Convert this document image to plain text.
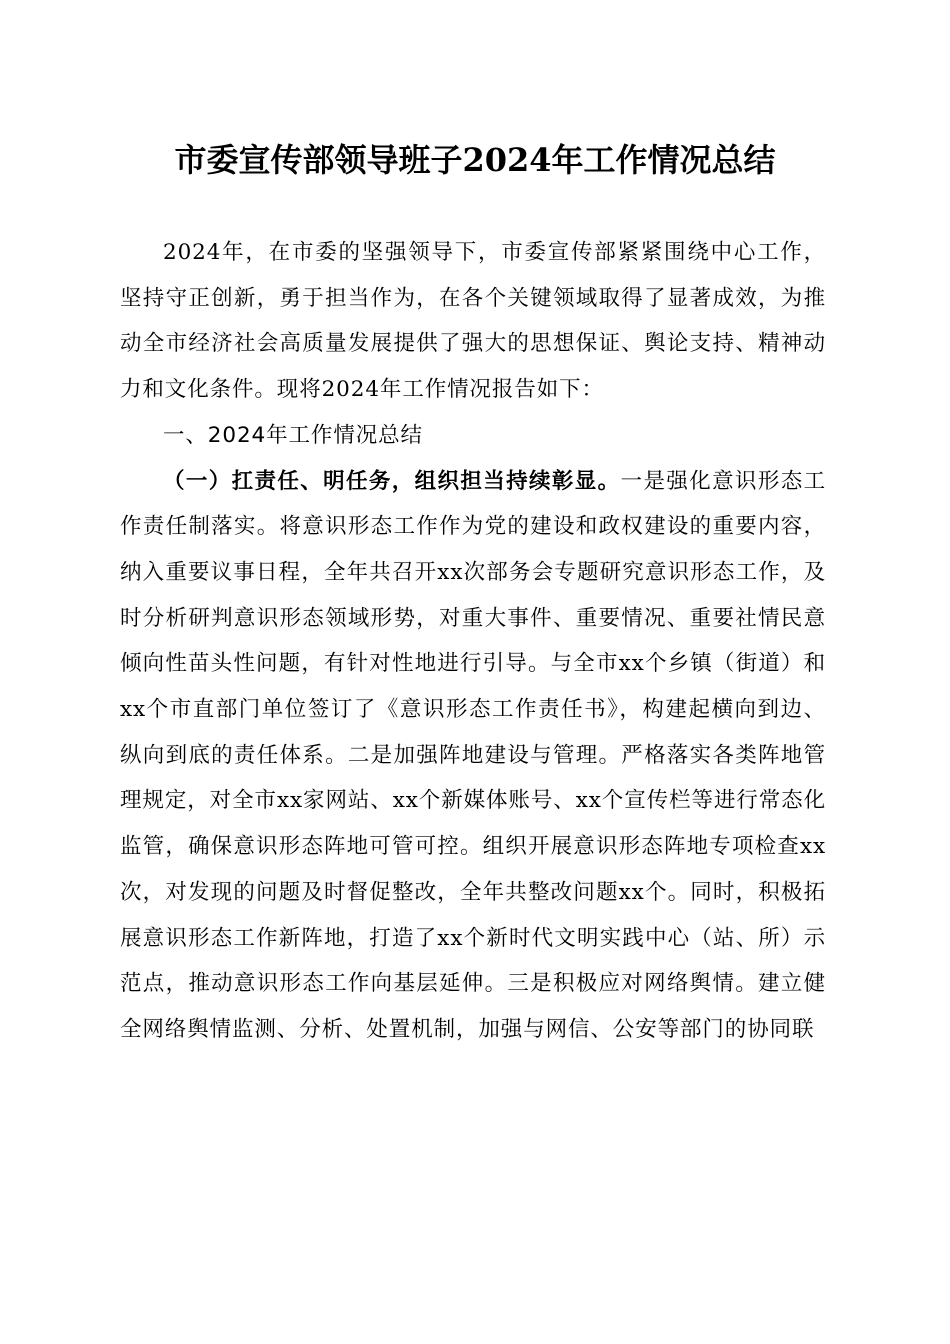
市委宣传部领导班子2024年工作情况总结

2024年，在市委的坚强领导下，市委宣传部紧紧围绕中心工作，坚持守正创新，勇于担当作为，在各个关键领域取得了显著成效，为推动全市经济社会高质量发展提供了强大的思想保证、舆论支持、精神动力和文化条件。现将2024年工作情况报告如下：

一、2024年工作情况总结

（一）扛责任、明任务，组织担当持续彰显。一是强化意识形态工作责任制落实。将意识形态工作作为党的建设和政权建设的重要内容，纳入重要议事日程，全年共召开xx次部务会专题研究意识形态工作，及时分析研判意识形态领域形势，对重大事件、重要情况、重要社情民意倾向性苗头性问题，有针对性地进行引导。与全市xx个乡镇（街道）和xx个市直部门单位签订了《意识形态工作责任书》，构建起横向到边、纵向到底的责任体系。二是加强阵地建设与管理。严格落实各类阵地管理规定，对全市xx家网站、xx个新媒体账号、xx个宣传栏等进行常态化监管，确保意识形态阵地可管可控。组织开展意识形态阵地专项检查xx次，对发现的问题及时督促整改，全年共整改问题xx个。同时，积极拓展意识形态工作新阵地，打造了xx个新时代文明实践中心（站、所）示范点，推动意识形态工作向基层延伸。三是积极应对网络舆情。建立健全网络舆情监测、分析、处置机制，加强与网信、公安等部门的协同联
